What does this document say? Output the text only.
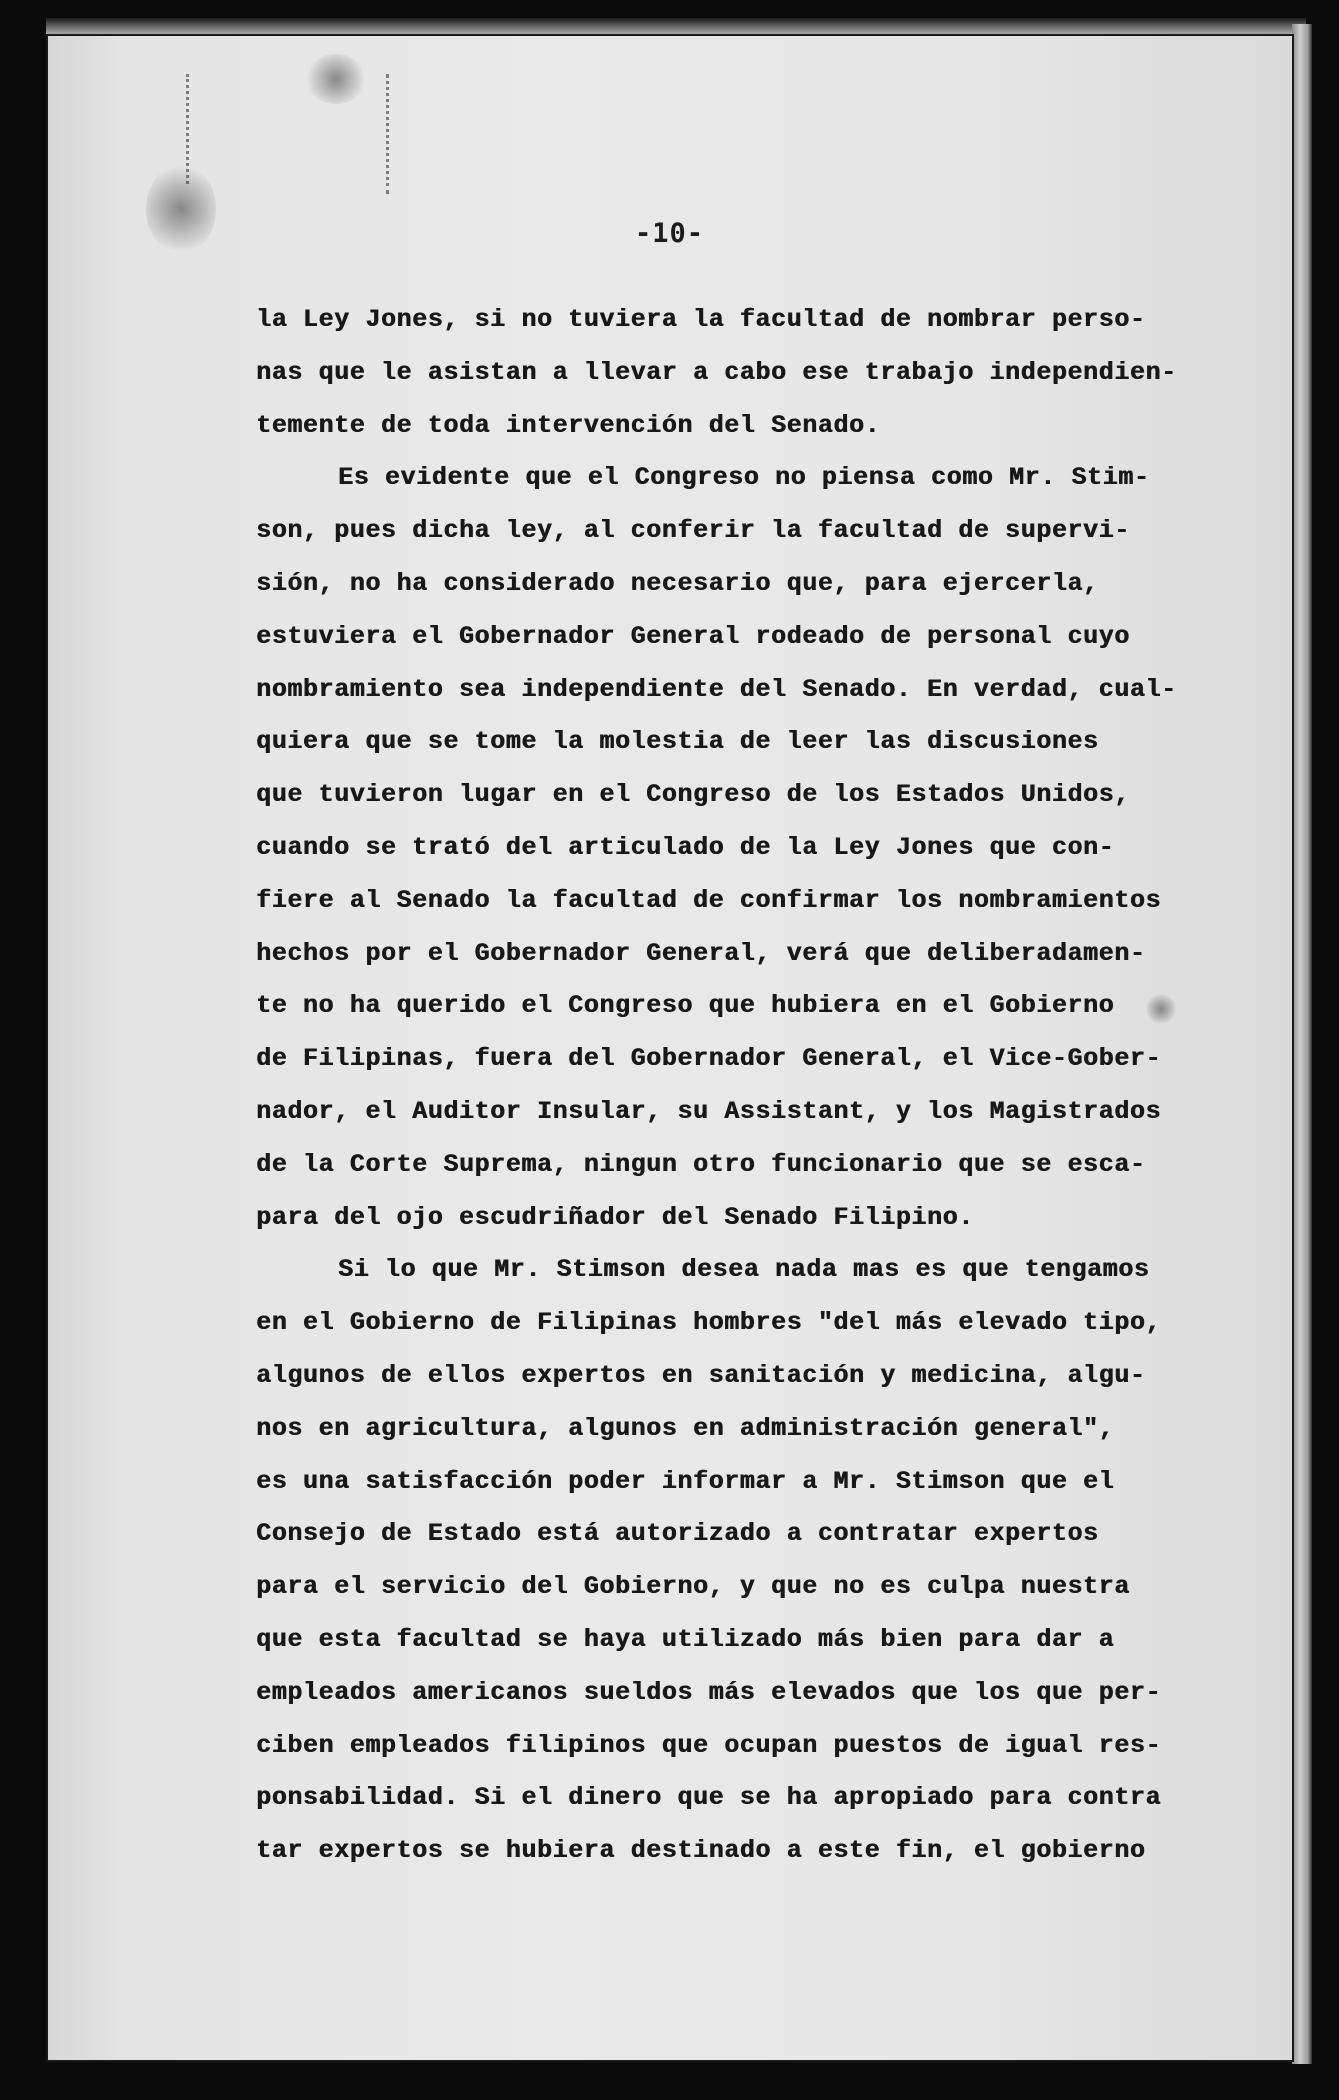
-10-
la Ley Jones, si no tuviera la facultad de nombrar perso-
nas que le asistan a llevar a cabo ese trabajo independien-
temente de toda intervención del Senado.
Es evidente que el Congreso no piensa como Mr. Stim-
son, pues dicha ley, al conferir la facultad de supervi-
sión, no ha considerado necesario que, para ejercerla,
estuviera el Gobernador General rodeado de personal cuyo
nombramiento sea independiente del Senado. En verdad, cual-
quiera que se tome la molestia de leer las discusiones
que tuvieron lugar en el Congreso de los Estados Unidos,
cuando se trató del articulado de la Ley Jones que con-
fiere al Senado la facultad de confirmar los nombramientos
hechos por el Gobernador General, verá que deliberadamen-
te no ha querido el Congreso que hubiera en el Gobierno
de Filipinas, fuera del Gobernador General, el Vice-Gober-
nador, el Auditor Insular, su Assistant, y los Magistrados
de la Corte Suprema, ningun otro funcionario que se esca-
para del ojo escudriñador del Senado Filipino.
Si lo que Mr. Stimson desea nada mas es que tengamos
en el Gobierno de Filipinas hombres "del más elevado tipo,
algunos de ellos expertos en sanitación y medicina, algu-
nos en agricultura, algunos en administración general",
es una satisfacción poder informar a Mr. Stimson que el
Consejo de Estado está autorizado a contratar expertos
para el servicio del Gobierno, y que no es culpa nuestra
que esta facultad se haya utilizado más bien para dar a
empleados americanos sueldos más elevados que los que per-
ciben empleados filipinos que ocupan puestos de igual res-
ponsabilidad. Si el dinero que se ha apropiado para contra
tar expertos se hubiera destinado a este fin, el gobierno
